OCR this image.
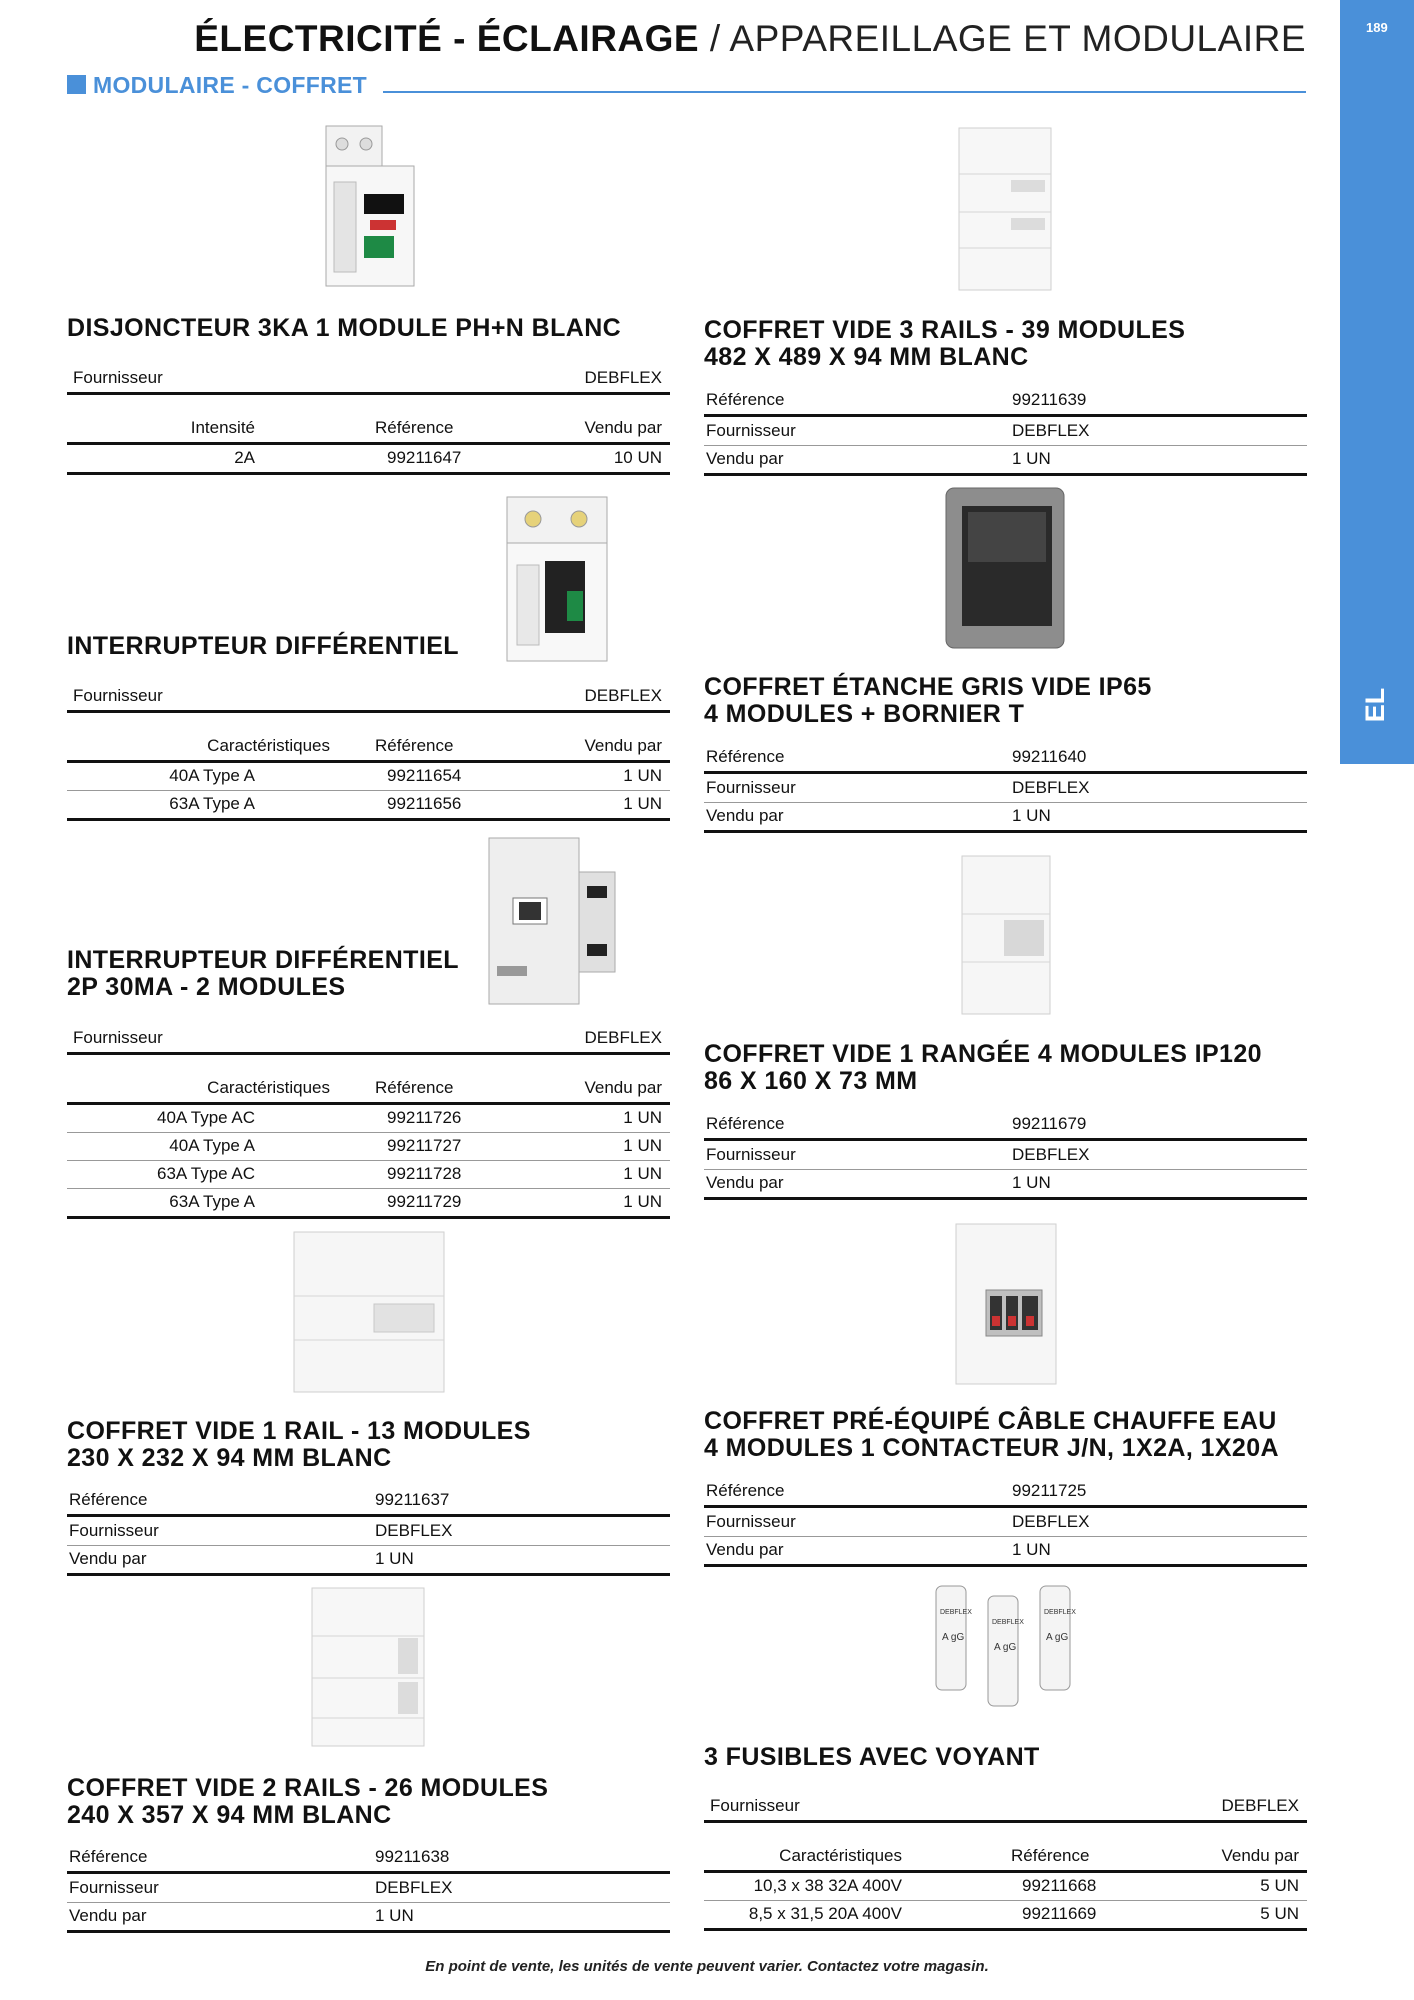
ÉLECTRICITÉ - ÉCLAIRAGE / APPAREILLAGE ET MODULAIRE
MODULAIRE - COFFRET
189
EL
DISJONCTEUR 3KA 1 MODULE PH+N BLANC
Fournisseur	DEBFLEX
Intensité	Référence	Vendu par
2A	99211647	10 UN
INTERRUPTEUR DIFFÉRENTIEL
Fournisseur	DEBFLEX
Caractéristiques	Référence	Vendu par
40A Type A	99211654	1 UN
63A Type A	99211656	1 UN
INTERRUPTEUR DIFFÉRENTIEL
2P 30MA - 2 MODULES
Fournisseur	DEBFLEX
Caractéristiques	Référence	Vendu par
40A Type AC	99211726	1 UN
40A Type A	99211727	1 UN
63A Type AC	99211728	1 UN
63A Type A	99211729	1 UN
COFFRET VIDE 1 RAIL - 13 MODULES
230 X 232 X 94 MM BLANC
Référence	99211637
Fournisseur	DEBFLEX
Vendu par	1 UN
COFFRET VIDE 2 RAILS - 26 MODULES
240 X 357 X 94 MM BLANC
Référence	99211638
Fournisseur	DEBFLEX
Vendu par	1 UN
COFFRET VIDE 3 RAILS - 39 MODULES
482 X 489 X 94 MM BLANC
Référence	99211639
Fournisseur	DEBFLEX
Vendu par	1 UN
COFFRET ÉTANCHE GRIS VIDE IP65
4 MODULES + BORNIER T
Référence	99211640
Fournisseur	DEBFLEX
Vendu par	1 UN
COFFRET VIDE 1 RANGÉE 4 MODULES IP120
86 X 160 X 73 MM
Référence	99211679
Fournisseur	DEBFLEX
Vendu par	1 UN
COFFRET PRÉ-ÉQUIPÉ CÂBLE CHAUFFE EAU
4 MODULES 1 CONTACTEUR J/N, 1X2A, 1X20A
Référence	99211725
Fournisseur	DEBFLEX
Vendu par	1 UN
DEBFLEX
A gG
DEBFLEX
A gG
DEBFLEX
A gG
3 FUSIBLES AVEC VOYANT
Fournisseur	DEBFLEX
Caractéristiques	Référence	Vendu par
10,3 x 38 32A 400V	99211668	5 UN
8,5 x 31,5 20A 400V	99211669	5 UN
En point de vente, les unités de vente peuvent varier. Contactez votre magasin.
